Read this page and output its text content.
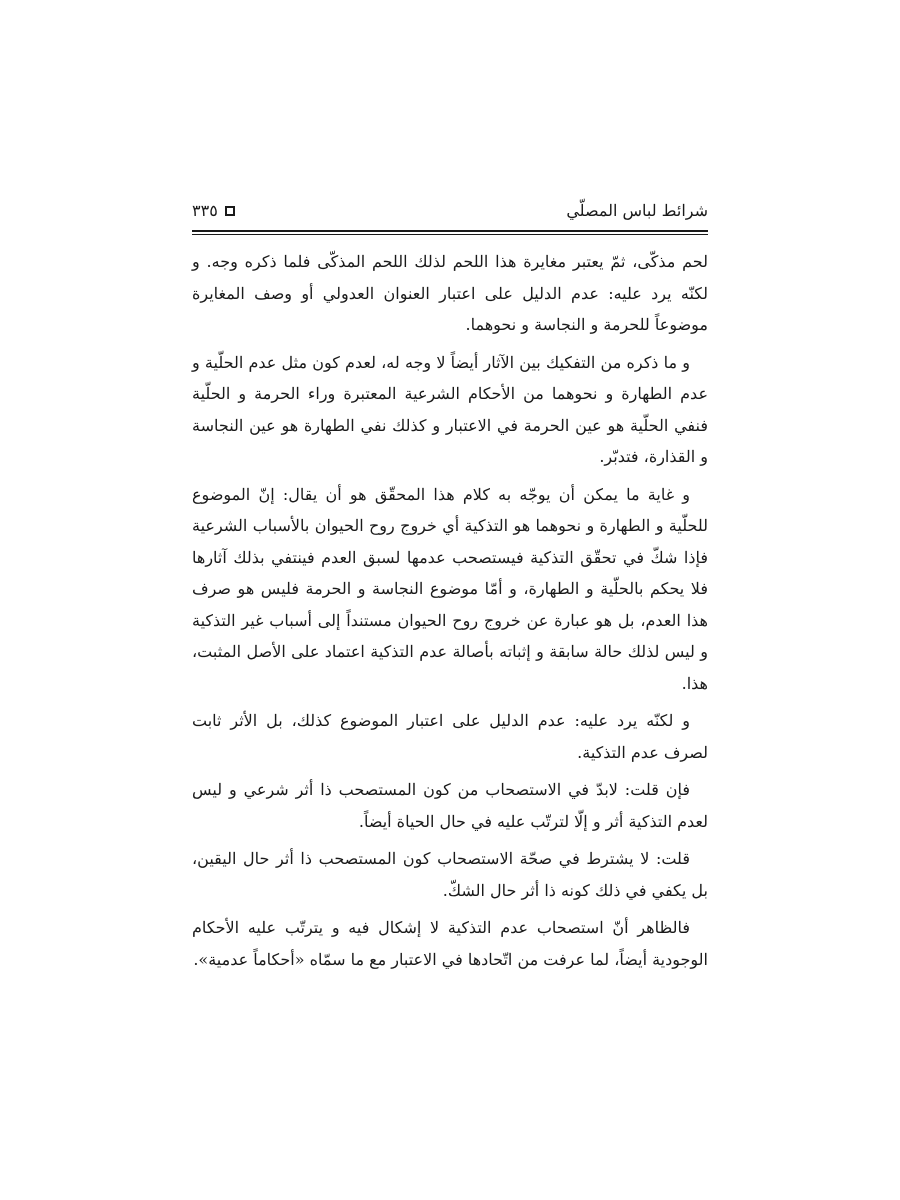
شرائط لباس المصلّي
٣٣٥

لحم مذكّى، ثمّ يعتبر مغايرة هذا اللحم لذلك اللحم المذكّى فلما ذكره وجه. و لكنّه يرد عليه: عدم الدليل على اعتبار العنوان العدولي أو وصف المغايرة موضوعاً للحرمة و النجاسة و نحوهما.

و ما ذكره من التفكيك بين الآثار أيضاً لا وجه له، لعدم كون مثل عدم الحلّية و عدم الطهارة و نحوهما من الأحكام الشرعية المعتبرة وراء الحرمة و الحلّية فنفي الحلّية هو عين الحرمة في الاعتبار و كذلك نفي الطهارة هو عين النجاسة و القذارة، فتدبّر.

و غاية ما يمكن أن يوجّه به كلام هذا المحقّق هو أن يقال: إنّ الموضوع للحلّية و الطهارة و نحوهما هو التذكية أي خروج روح الحيوان بالأسباب الشرعية فإذا شكّ في تحقّق التذكية فيستصحب عدمها لسبق العدم فينتفي بذلك آثارها فلا يحكم بالحلّية و الطهارة، و أمّا موضوع النجاسة و الحرمة فليس هو صرف هذا العدم، بل هو عبارة عن خروج روح الحيوان مستنداً إلى أسباب غير التذكية و ليس لذلك حالة سابقة و إثباته بأصالة عدم التذكية اعتماد على الأصل المثبت، هذا.

و لكنّه يرد عليه: عدم الدليل على اعتبار الموضوع كذلك، بل الأثر ثابت لصرف عدم التذكية.

فإن قلت: لابدّ في الاستصحاب من كون المستصحب ذا أثر شرعي و ليس لعدم التذكية أثر و إلّا لترتّب عليه في حال الحياة أيضاً.

قلت: لا يشترط في صحّة الاستصحاب كون المستصحب ذا أثر حال اليقين، بل يكفي في ذلك كونه ذا أثر حال الشكّ.

فالظاهر أنّ استصحاب عدم التذكية لا إشكال فيه و يترتّب عليه الأحكام الوجودية أيضاً، لما عرفت من اتّحادها في الاعتبار مع ما سمّاه «أحكاماً عدمية».
